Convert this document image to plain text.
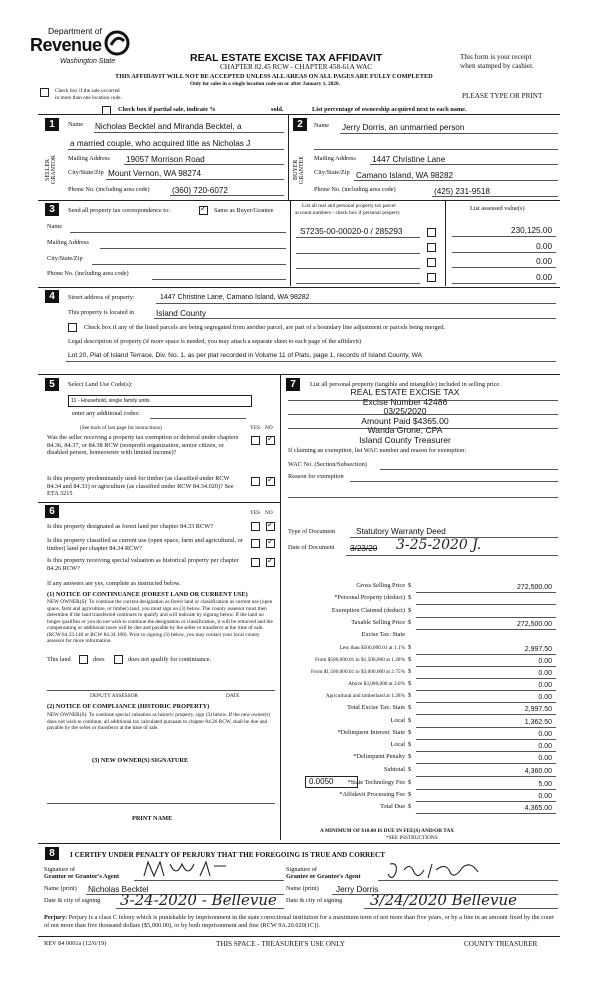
Department of
Revenue
Washington State	REAL ESTATE EXCISE TAX AFFIDAVIT
CHAPTER 82.45 RCW - CHAPTER 458-61A WAC
This form is your receipt
when stamped by cashier.
THIS AFFIDAVIT WILL NOT BE ACCEPTED UNLESS ALL AREAS ON ALL PAGES ARE FULLY COMPLETED
Only for sales in a single location code on or after January 1, 2020.
Check box if the sale occurred
in more than one location code.	PLEASE TYPE OR PRINT
Check box if partial sale, indicate %	sold.	List percentage of ownership acquired next to each name.
1
SELLER GRANTOR
Name Nicholas Becktel and Miranda Becktel, a
a married couple, who acquired title as Nicholas J
Mailing Address 19057 Morrison Road
City/State/Zip Mount Vernon, WA 98274
Phone No. (including area code)	(360) 720-6072
2
BUYER GRANTEE
Name Jerry Dorris, an unmarried person
Mailing Address 1447 Christine Lane
City/State/Zip Camano Island, WA 98282
Phone No. (including area code)	(425) 231-9518
3	Send all property tax correspondence to:
✓	Same as Buyer/Grantee
List all real and personal property tax parcel
account numbers - check box if personal property
List assessed value(s)
Name
Mailing Address
City/State/Zip
Phone No. (including area code)
S7235-00-00020-0 / 285293	230,125.00
0.00
0.00
0.00
4	Street address of property:	1447 Christine Lane, Camano Island, WA 98282
This property is located in	Island County
Check box if any of the listed parcels are being segregated from another parcel, are part of a boundary line adjustment or parcels being merged.
Legal description of property (if more space is needed, you may attach a separate sheet to each page of the affidavit)
Lot 20, Plat of Island Terrace, Div. No. 1, as per plat recorded in Volume 11 of Plats, page 1, records of Island County, WA
5	Select Land Use Code(s):
11 - Household, single family units
enter any additional codes:
(See back of last page for instructions)	YES NO
Was the seller receiving a property tax exemption or deferral under chapters 84.36, 84.37, or 84.38 RCW (nonprofit organization, senior citizen, or disabled person, homeowner with limited income)?
✓
Is this property predominantly used for timber (as classified under RCW 84.34 and 84.33) or agriculture (as classified under RCW 84.34.020)? See ETA 3215
✓
6	YES NO
Is this property designated as forest land per chapter 84.33 RCW?
✓
Is this property classified as current use (open space, farm and agricultural, or timber) land per chapter 84.34 RCW?
✓
Is this property receiving special valuation as historical property per chapter 84.26 RCW?
✓
If any answers are yes, complete as instructed below.
(1) NOTICE OF CONTINUANCE (FOREST LAND OR CURRENT USE)
NEW OWNER(S): To continue the current designation as forest land or classification as current use (open space, farm and agriculture, or timber) land, you must sign on (3) below. The county assessor must then determine if the land transferred continues to qualify and will indicate by signing below. If the land no longer qualifies or you do not wish to continue the designation or classification, it will be removed and the compensating or additional taxes will be due and payable by the seller or transferor at the time of sale. (RCW 84.33.140 or RCW 84.34.108). Prior to signing (3) below, you may contact your local county assessor for more information.
This land	does	does not qualify for continuance.
DEPUTY ASSESSOR	DATE
(2) NOTICE OF COMPLIANCE (HISTORIC PROPERTY)
NEW OWNER(S): To continue special valuation as historic property, sign (3) below. If the new owner(s) does not wish to continue, all additional tax calculated pursuant to chapter 84.26 RCW, shall be due and payable by the seller or transferor at the time of sale.
(3) NEW OWNER(S) SIGNATURE
PRINT NAME
7	List all personal property (tangible and intangible) included in selling price.
REAL ESTATE EXCISE TAX
Excise Number 42486
03/25/2020
Amount Paid $4365.00
Wanda Grone, CPA
Island County Treasurer
If claiming an exemption, list WAC number and reason for exemption:
WAC No. (Section/Subsection)
Reason for exemption
Type of Document	Statutory Warranty Deed
Date of Document 3/23/20 3-25-2020 J.
Gross Selling Price $	272,500.00
*Personal Property (deduct) $
Exemption Claimed (deduct) $
Taxable Selling Price $	272,500.00
Excise Tax: State
Less than $500,000.01 at 1.1% $	2,997.50
From $500,000.01 to $1,500,000 at 1.28% $	0.00
From $1,500,000.01 to $3,000,000 at 2.75% $	0.00
Above $3,000,000 at 3.0% $	0.00
Agricultural and timberland at 1.28% $	0.00
Total Excise Tax: State $	2,997.50
Local $	1,362.50
*Delinquent Interest: State $	0.00
Local $	0.00
*Delinquent Penalty $	0.00
Subtotal $	4,360.00
*State Technology Fee $	5.00
*Affidavit Processing Fee $	0.00
Total Due $	4,365.00
0.0050
A MINIMUM OF $10.00 IS DUE IN FEE(S) AND/OR TAX
*SEE INSTRUCTIONS
8	I CERTIFY UNDER PENALTY OF PERJURY THAT THE FOREGOING IS TRUE AND CORRECT
Signature of
Grantor or Grantor's Agent
Name (print) Nicholas Becktel
Date & city of signing 3-24-2020 - Bellevue
Signature of
Grantee or Grantee's Agent
Name (print) Jerry Dorris
Date & city of signing 3/24/2020 Bellevue
Perjury: Perjury is a class C felony which is punishable by imprisonment in the state correctional institution for a maximum term of not more than five years, or by a fine in an amount fixed by the court of not more than five thousand dollars ($5,000.00), or by both imprisonment and fine (RCW 9A.20.020(1C)).
REV 84 0001a (12/6/19)	THIS SPACE - TREASURER'S USE ONLY	COUNTY TREASURER
